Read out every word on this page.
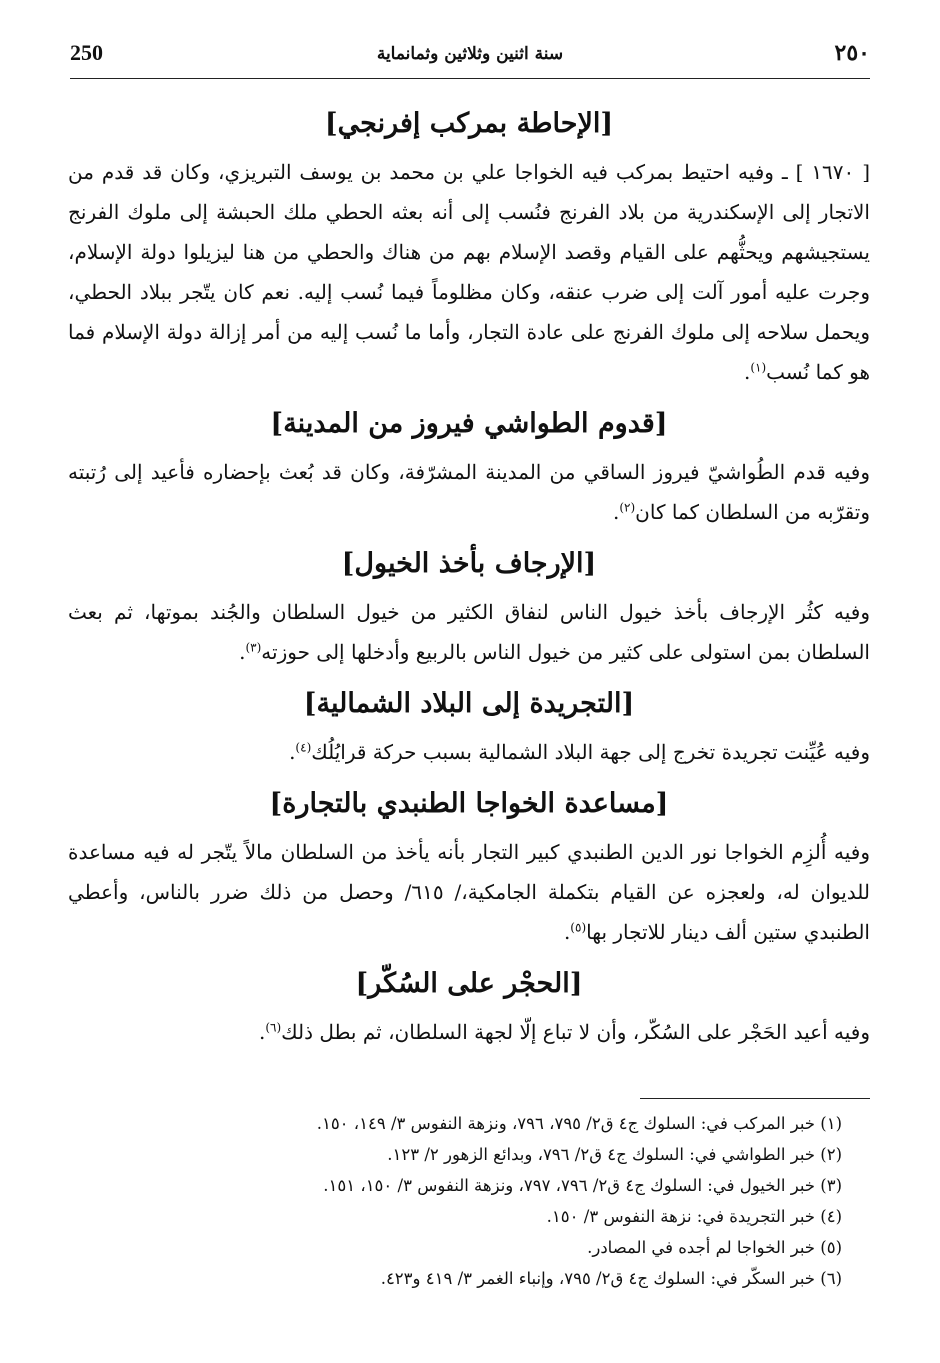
250	سنة اثنين وثلاثين وثمانماية	٢٥٠
[الإحاطة بمركب إفرنجي]

[ ١٦٧٠ ] ـ وفيه احتيط بمركب فيه الخواجا علي بن محمد بن يوسف التبريزي، وكان قد قدم من الاتجار إلى الإسكندرية من بلاد الفرنج فنُسب إلى أنه بعثه الحطي ملك الحبشة إلى ملوك الفرنج يستجيشهم ويحثُّهم على القيام وقصد الإسلام بهم من هناك والحطي من هنا ليزيلوا دولة الإسلام، وجرت عليه أمور آلت إلى ضرب عنقه، وكان مظلوماً فيما نُسب إليه. نعم كان يتّجر ببلاد الحطي، ويحمل سلاحه إلى ملوك الفرنج على عادة التجار، وأما ما نُسب إليه من أمر إزالة دولة الإسلام فما هو كما نُسب$^{(١)}$.

[قدوم الطواشي فيروز من المدينة]

وفيه قدم الطُواشيّ فيروز الساقي من المدينة المشرّفة، وكان قد بُعث بإحضاره فأعيد إلى رُتبته وتقرّبه من السلطان كما كان$^{(٢)}$.

[الإرجاف بأخذ الخيول]

وفيه كثُر الإرجاف بأخذ خيول الناس لنفاق الكثير من خيول السلطان والجُند بموتها، ثم بعث السلطان بمن استولى على كثير من خيول الناس بالربيع وأدخلها إلى حوزته$^{(٣)}$.

[التجريدة إلى البلاد الشمالية]

وفيه عُيِّنت تجريدة تخرج إلى جهة البلاد الشمالية بسبب حركة قرايُلُك$^{(٤)}$.

[مساعدة الخواجا الطنبدي بالتجارة]

وفيه أُلزِم الخواجا نور الدين الطنبدي كبير التجار بأنه يأخذ من السلطان مالاً يتّجر له فيه مساعدة للديوان له، ولعجزه عن القيام بتكملة الجامكية،/ ٦١٥/ وحصل من ذلك ضرر بالناس، وأعطي الطنبدي ستين ألف دينار للاتجار بها$^{(٥)}$.

[الحجْر على السُكّر]

وفيه أعيد الحَجْر على السُكّر، وأن لا تباع إلّا لجهة السلطان، ثم بطل ذلك$^{(٦)}$.

(١) خبر المركب في: السلوك ج٤ ق٢/ ٧٩٥، ٧٩٦، ونزهة النفوس ٣/ ١٤٩، ١٥٠.
(٢) خبر الطواشي في: السلوك ج٤ ق٢/ ٧٩٦، وبدائع الزهور ٢/ ١٢٣.
(٣) خبر الخيول في: السلوك ج٤ ق٢/ ٧٩٦، ٧٩٧، ونزهة النفوس ٣/ ١٥٠، ١٥١.
(٤) خبر التجريدة في: نزهة النفوس ٣/ ١٥٠.
(٥) خبر الخواجا لم أجده في المصادر.
(٦) خبر السكّر في: السلوك ج٤ ق٢/ ٧٩٥، وإنباء الغمر ٣/ ٤١٩ و٤٢٣.
